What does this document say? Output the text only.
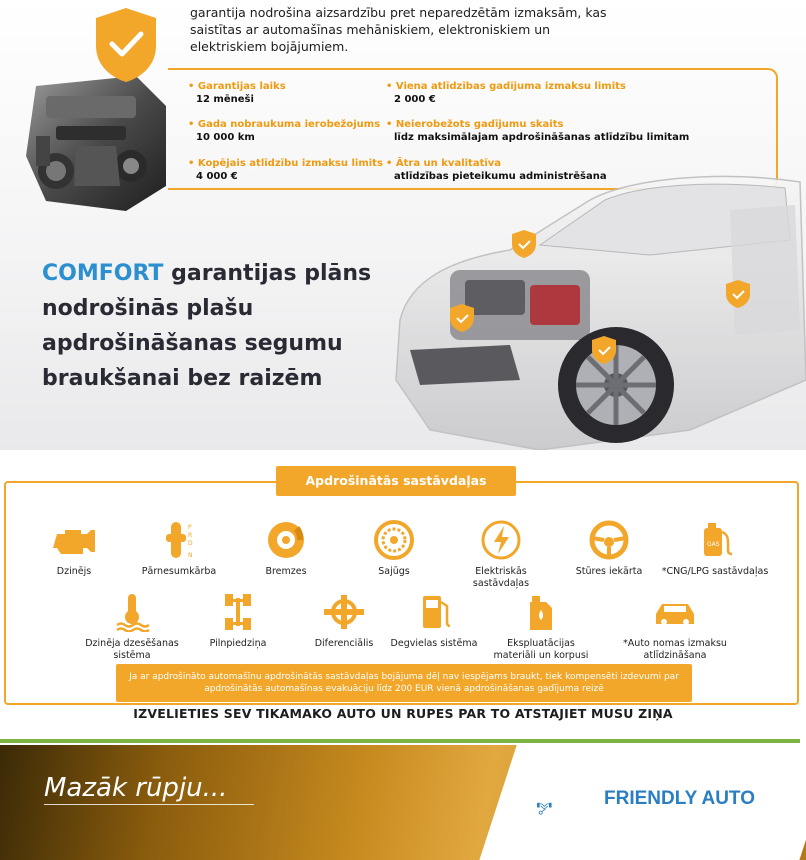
garantija nodrošina aizsardzību pret neparedzētām izmaksām, kas saistītas ar automašīnas mehāniskiem, elektroniskiem un elektriskiem bojājumiem.
• Garantijas laiks
12 mēneši
• Viena atlīdzības gadījuma izmaksu limits
2 000 €
• Gada nobraukuma ierobežojums
10 000 km
• Neierobežots gadījumu skaits
līdz maksimālajam apdrošināšanas atlīdzību limitam
• Kopējais atlīdzību izmaksu limits
4 000 €
• Ātra un kvalitatīva
atlīdzības pieteikumu administrēšana
COMFORT garantijas plāns nodrošinās plašu apdrošināšanas segumu braukšanai bez raizēm
Apdrošinātās sastāvdaļas
Dzinējs
P
R
D
N
Pārnesumkārba	Bremzes	Sajūgs	Elektriskās sastāvdaļas
Stūres iekārta
GAS
*CNG/LPG sastāvdaļas
Dzinēja dzesēšanas sistēma
Pilnpiedziņa	Diferenciālis	Degvielas sistēma	Ekspluatācijas materiāli un korpusi
*Auto nomas izmaksu atlīdzināšana
Ja ar apdrošināto automašīnu apdrošinātās sastāvdaļas bojājuma dēļ nav iespējams braukt, tiek kompensēti izdevumi par apdrošinātās automašīnas evakuāciju līdz 200 EUR vienā apdrošināšanas gadījuma reizē
IZVELIETIES SEV TIKAMAKO AUTO UN RUPES PAR TO ATSTAJIET MUSU ZIŅA
Mazāk rūpju...	FRIENDLY AUTO
